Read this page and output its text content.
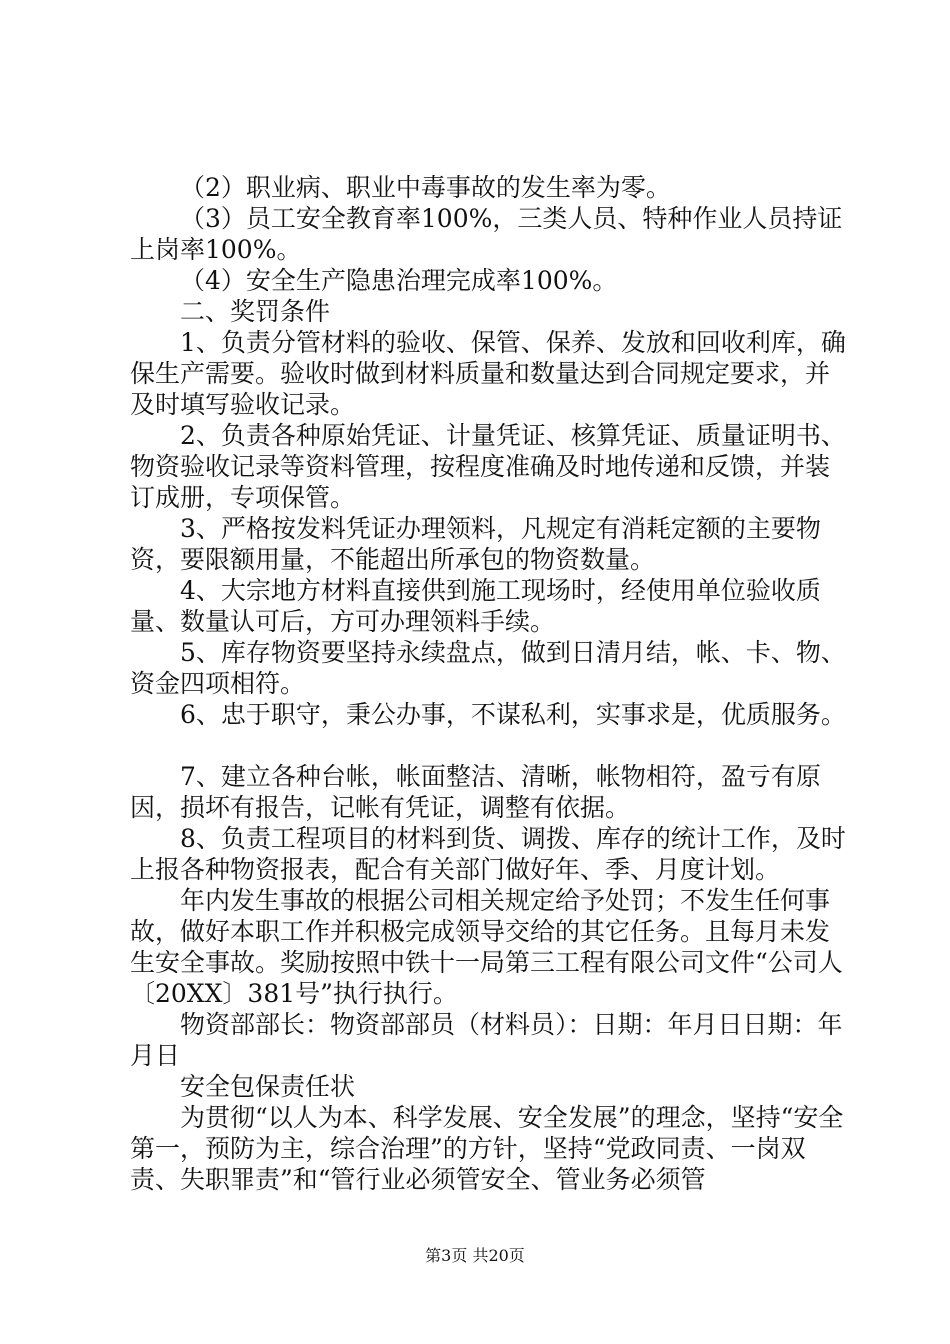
（2）职业病、职业中毒事故的发生率为零。

（3）员工安全教育率100%，三类人员、特种作业人员持证上岗率100%。

（4）安全生产隐患治理完成率100%。

二、奖罚条件

1、负责分管材料的验收、保管、保养、发放和回收利库，确保生产需要。验收时做到材料质量和数量达到合同规定要求，并及时填写验收记录。

2、负责各种原始凭证、计量凭证、核算凭证、质量证明书、物资验收记录等资料管理，按程度准确及时地传递和反馈，并装订成册，专项保管。

3、严格按发料凭证办理领料，凡规定有消耗定额的主要物资，要限额用量，不能超出所承包的物资数量。

4、大宗地方材料直接供到施工现场时，经使用单位验收质量、数量认可后，方可办理领料手续。

5、库存物资要坚持永续盘点，做到日清月结，帐、卡、物、资金四项相符。

6、忠于职守，秉公办事，不谋私利，实事求是，优质服务。

7、建立各种台帐，帐面整洁、清晰，帐物相符，盈亏有原因，损坏有报告，记帐有凭证，调整有依据。

8、负责工程项目的材料到货、调拨、库存的统计工作，及时上报各种物资报表，配合有关部门做好年、季、月度计划。

年内发生事故的根据公司相关规定给予处罚；不发生任何事故，做好本职工作并积极完成领导交给的其它任务。且每月未发生安全事故。奖励按照中铁十一局第三工程有限公司文件“公司人〔20XX〕381号”执行执行。

物资部部长：物资部部员（材料员）：日期：年月日日期：年月日

安全包保责任状

为贯彻“以人为本、科学发展、安全发展”的理念，坚持“安全第一，预防为主，综合治理”的方针，坚持“党政同责、一岗双责、失职罪责”和“管行业必须管安全、管业务必须管

第3页 共20页
